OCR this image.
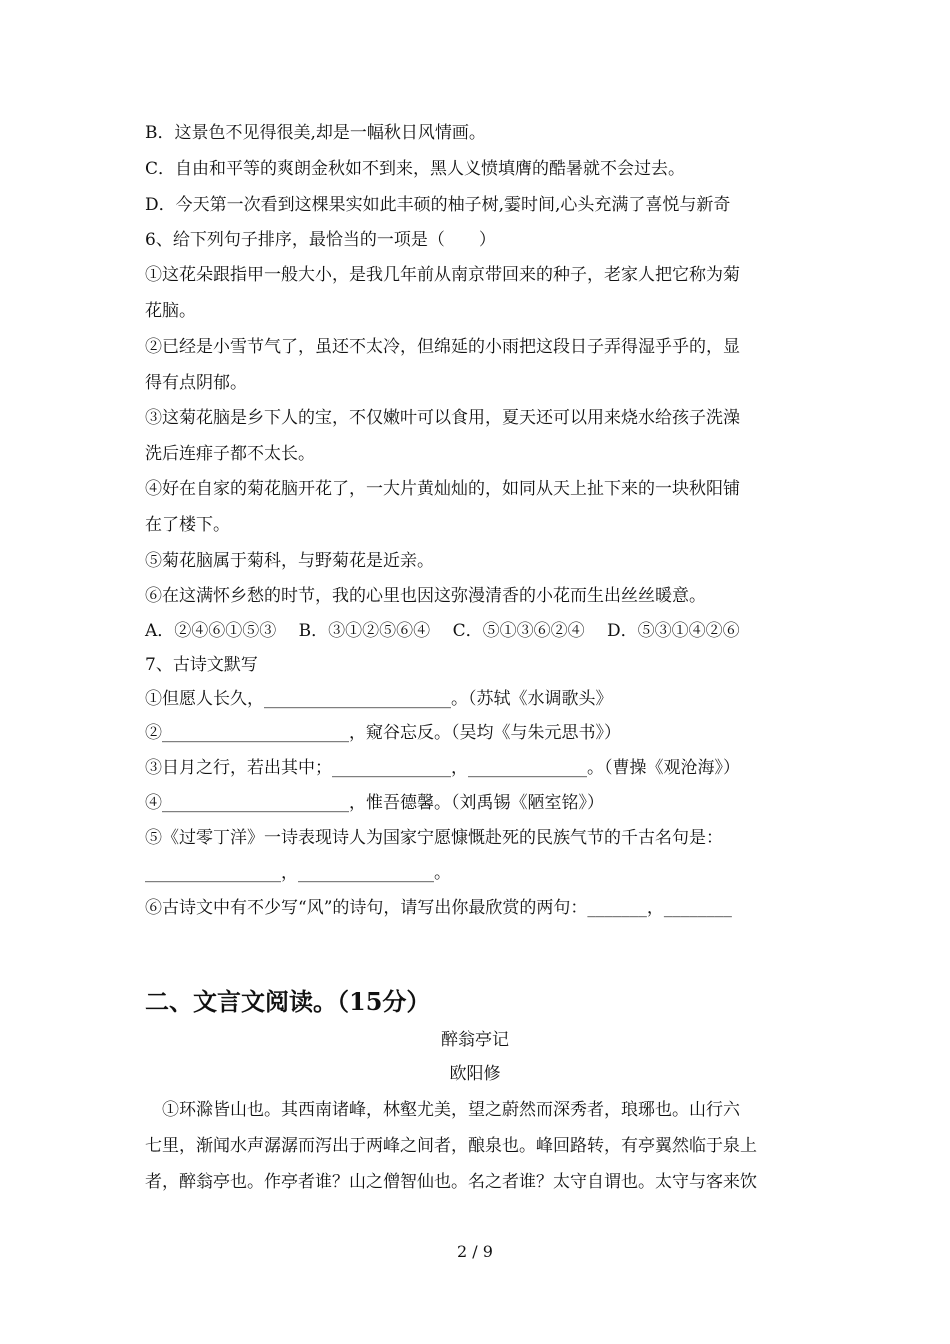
B．这景色不见得很美,却是一幅秋日风情画。
C．自由和平等的爽朗金秋如不到来，黑人义愤填膺的酷暑就不会过去。
D．今天第一次看到这棵果实如此丰硕的柚子树,霎时间,心头充满了喜悦与新奇
6、给下列句子排序，最恰当的一项是（　　）
①这花朵跟指甲一般大小，是我几年前从南京带回来的种子，老家人把它称为菊
花脑。
②已经是小雪节气了，虽还不太冷，但绵延的小雨把这段日子弄得湿乎乎的，显
得有点阴郁。
③这菊花脑是乡下人的宝，不仅嫩叶可以食用，夏天还可以用来烧水给孩子洗澡
洗后连痱子都不太长。
④好在自家的菊花脑开花了，一大片黄灿灿的，如同从天上扯下来的一块秋阳铺
在了楼下。
⑤菊花脑属于菊科，与野菊花是近亲。
⑥在这满怀乡愁的时节，我的心里也因这弥漫清香的小花而生出丝丝暖意。
A．②④⑥①⑤③　 B．③①②⑤⑥④　 C．⑤①③⑥②④　 D．⑤③①④②⑥
7、古诗文默写
①但愿人长久，______________________。（苏轼《水调歌头》
②______________________，窥谷忘反。（吴均《与朱元思书》）
③日月之行，若出其中；______________，______________。（曹操《观沧海》）
④______________________，惟吾德馨。（刘禹锡《陋室铭》）
⑤《过零丁洋》一诗表现诗人为国家宁愿慷慨赴死的民族气节的千古名句是：
________________，________________。
⑥古诗文中有不少写“风”的诗句，请写出你最欣赏的两句：_______，________
二、文言文阅读。（15分）
醉翁亭记
欧阳修
　①环滁皆山也。其西南诸峰，林壑尤美，望之蔚然而深秀者，琅琊也。山行六
七里，渐闻水声潺潺而泻出于两峰之间者，酿泉也。峰回路转，有亭翼然临于泉上
者，醉翁亭也。作亭者谁？山之僧智仙也。名之者谁？太守自谓也。太守与客来饮
2 / 9
